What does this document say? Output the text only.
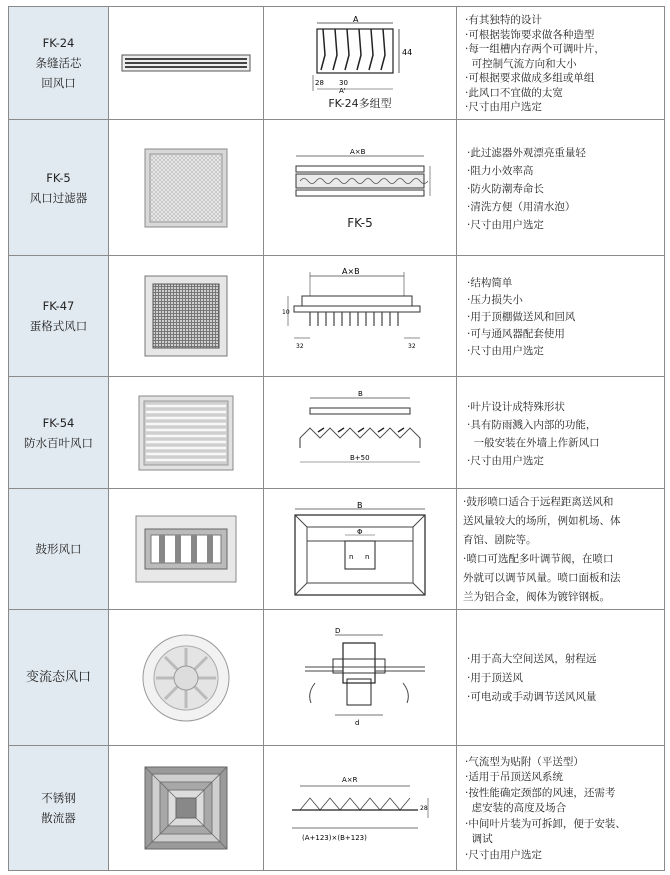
FK-24
条缝活芯
回风口
A
44
28 30
A'
FK-24多组型
·有其独特的设计
·可根据装饰要求做各种造型
·每一组槽内存两个可调叶片，
可控制气流方向和大小
·可根据要求做成多组或单组
·此风口不宜做的太宽
·尺寸由用户选定
FK-5
风口过滤器
A×B
FK-5
·此过滤器外观漂亮重量轻
·阻力小效率高
·防火防潮寿命长
·清洗方便（用清水泡）
·尺寸由用户选定
FK-47
蛋格式风口
A×B
10
32	32
·结构简单
·压力损失小
·用于顶棚做送风和回风
·可与通风器配套使用
·尺寸由用户选定
FK-54
防水百叶风口
B
B+50
·叶片设计成特殊形状
·具有防雨溅入内部的功能，
一般安装在外墙上作新风口
·尺寸由用户选定
鼓形风口
B
Φ
n n
·鼓形喷口适合于远程距离送风和
送风量较大的场所，例如机场、体
育馆、剧院等。
·喷口可选配多叶调节阀，在喷口
外就可以调节风量。喷口面板和法
兰为铝合金，阀体为镀锌钢板。
变流态风口
D
d
·用于高大空间送风，射程远
·用于顶送风
·可电动或手动调节送风风量
不锈钢
散流器
A×R
(A+123)×(B+123)
28
·气流型为贴附（平送型）
·适用于吊顶送风系统
·按性能确定颈部的风速，还需考
虑安装的高度及场合
·中间叶片装为可拆卸，便于安装、
调试
·尺寸由用户选定
